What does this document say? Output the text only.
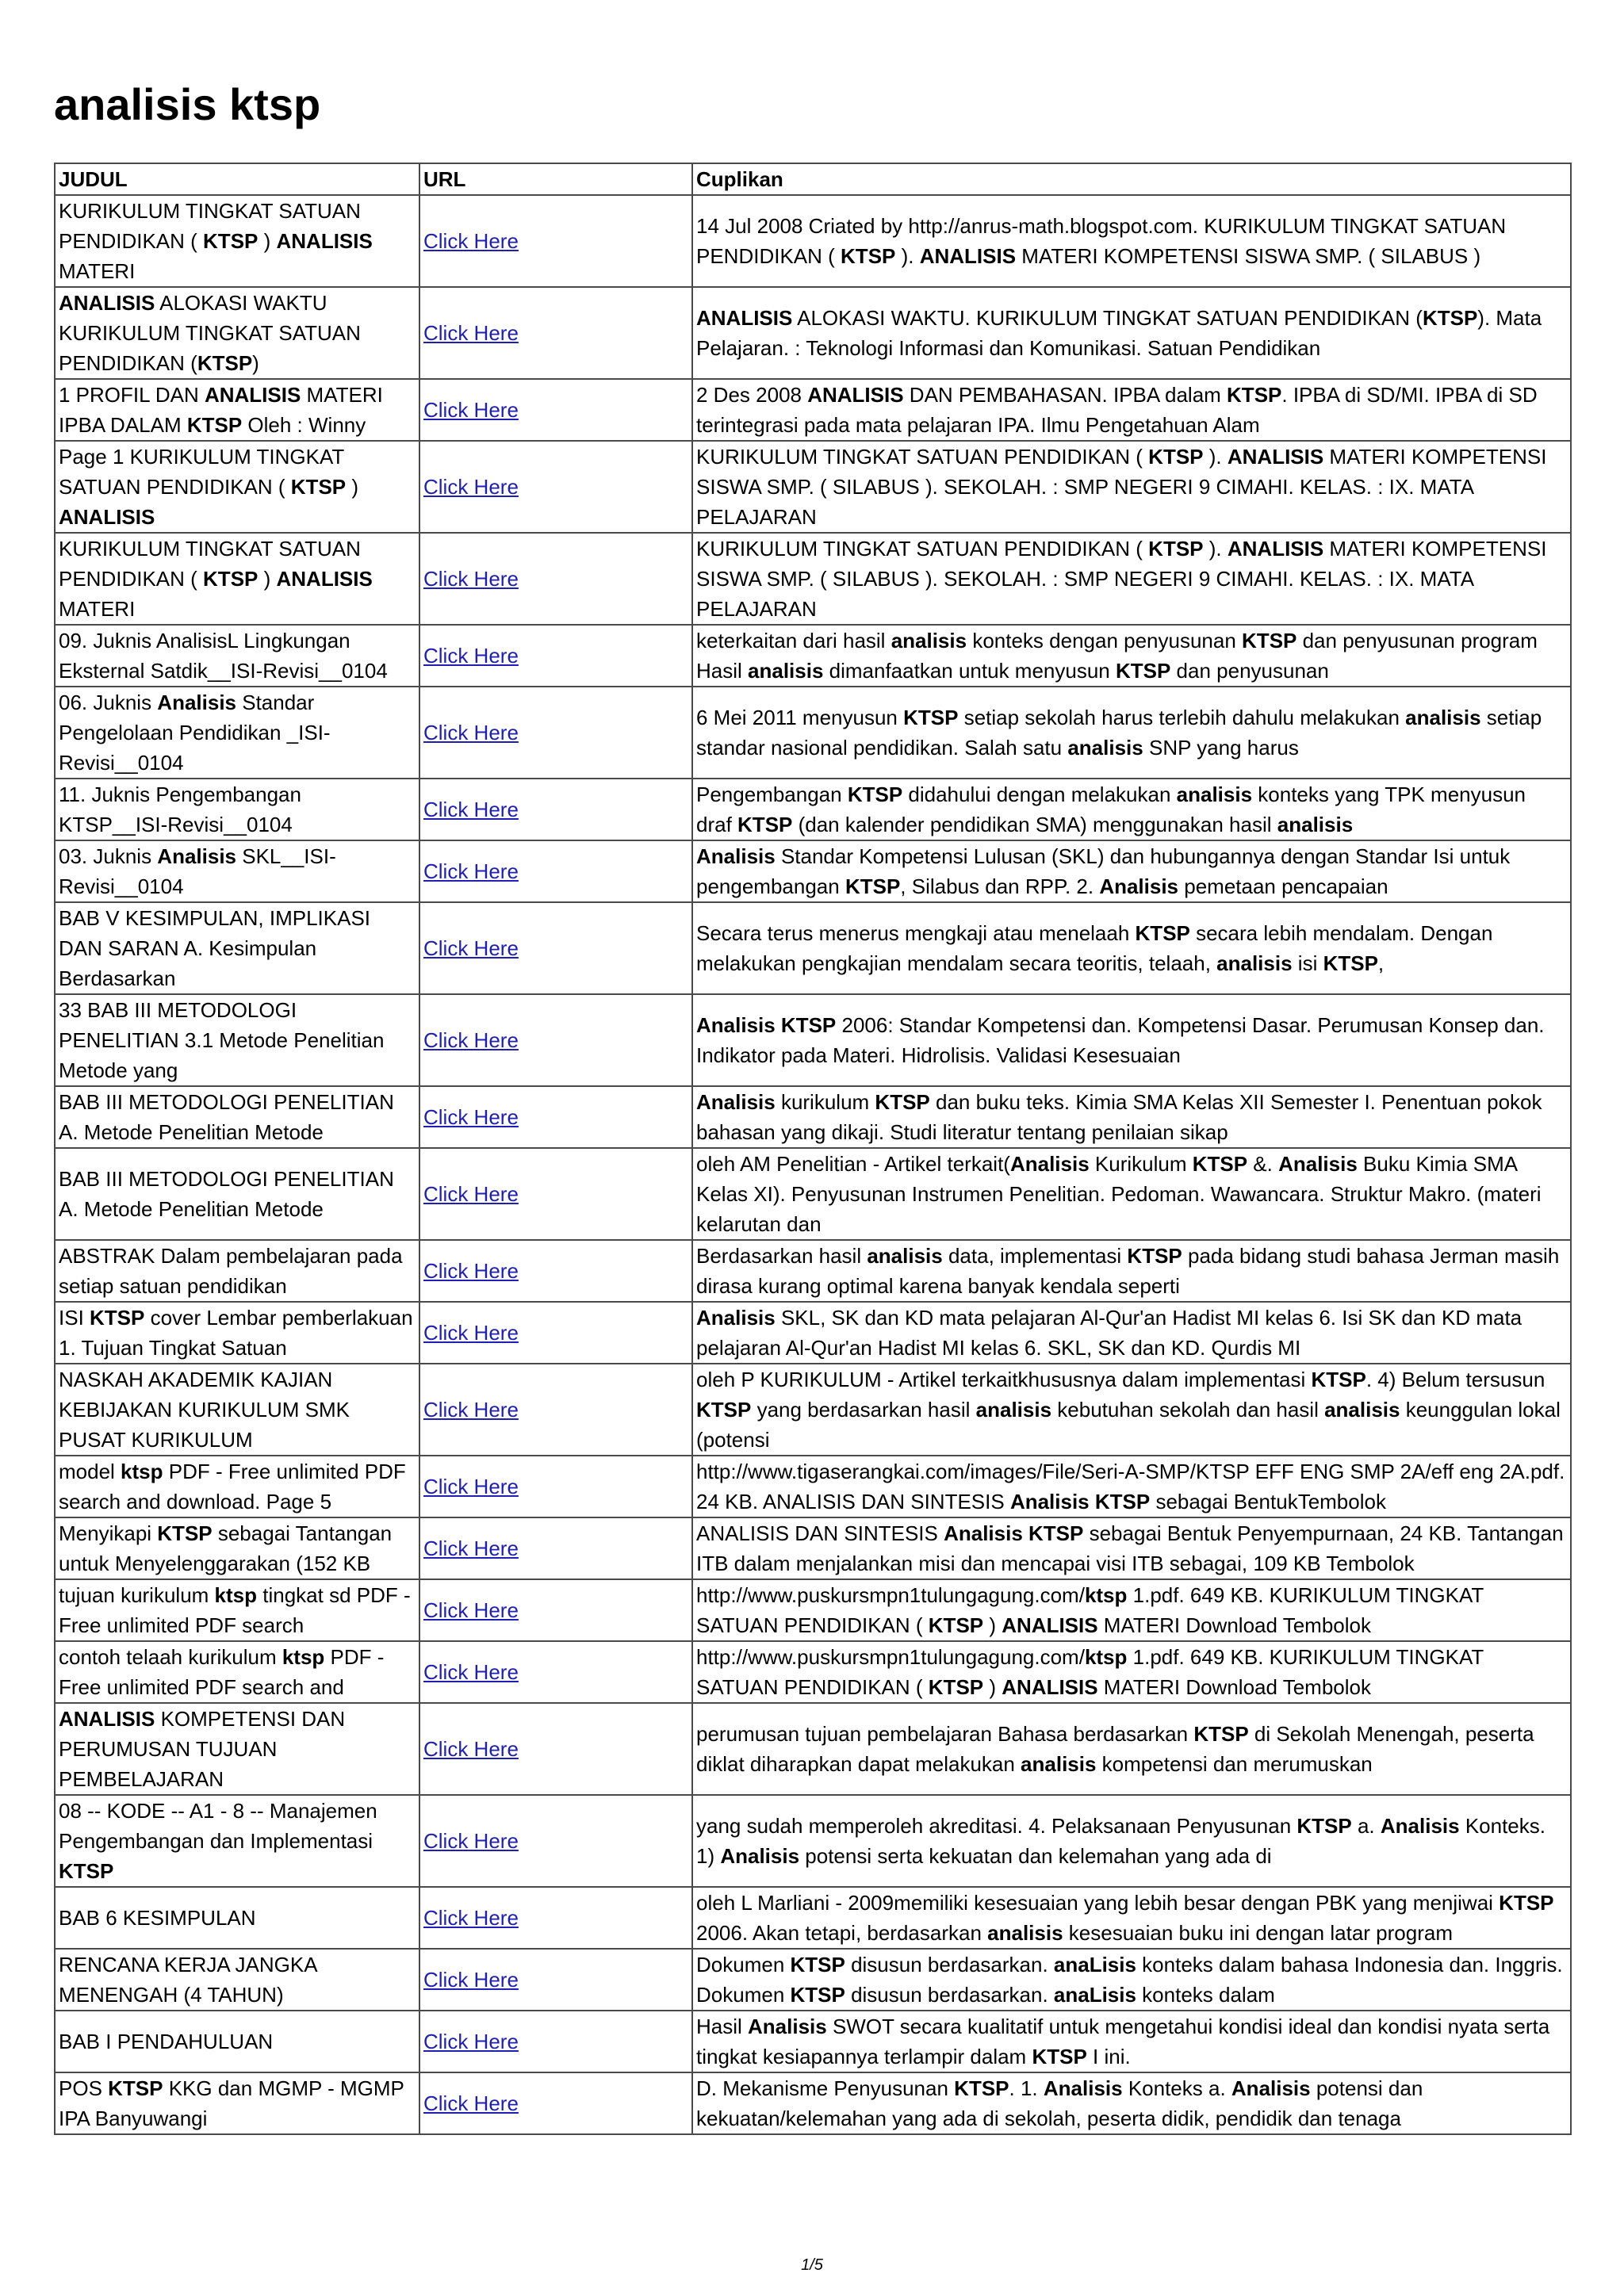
analisis ktsp
JUDUL	URL	Cuplikan
KURIKULUM TINGKAT SATUAN PENDIDIKAN ( KTSP ) ANALISIS MATERI	Click Here	14 Jul 2008 Criated by http://anrus-math.blogspot.com. KURIKULUM TINGKAT SATUAN PENDIDIKAN ( KTSP ). ANALISIS MATERI KOMPETENSI SISWA SMP. ( SILABUS )
ANALISIS ALOKASI WAKTU KURIKULUM TINGKAT SATUAN PENDIDIKAN (KTSP)	Click Here	ANALISIS ALOKASI WAKTU. KURIKULUM TINGKAT SATUAN PENDIDIKAN (KTSP). Mata Pelajaran. : Teknologi Informasi dan Komunikasi. Satuan Pendidikan
1 PROFIL DAN ANALISIS MATERI IPBA DALAM KTSP Oleh : Winny	Click Here	2 Des 2008 ANALISIS DAN PEMBAHASAN. IPBA dalam KTSP. IPBA di SD/MI. IPBA di SD terintegrasi pada mata pelajaran IPA. Ilmu Pengetahuan Alam
Page 1 KURIKULUM TINGKAT SATUAN PENDIDIKAN ( KTSP ) ANALISIS	Click Here	KURIKULUM TINGKAT SATUAN PENDIDIKAN ( KTSP ). ANALISIS MATERI KOMPETENSI SISWA SMP. ( SILABUS ). SEKOLAH. : SMP NEGERI 9 CIMAHI. KELAS. : IX. MATA PELAJARAN
KURIKULUM TINGKAT SATUAN PENDIDIKAN ( KTSP ) ANALISIS MATERI	Click Here	KURIKULUM TINGKAT SATUAN PENDIDIKAN ( KTSP ). ANALISIS MATERI KOMPETENSI SISWA SMP. ( SILABUS ). SEKOLAH. : SMP NEGERI 9 CIMAHI. KELAS. : IX. MATA PELAJARAN
09. Juknis AnalisisL Lingkungan Eksternal Satdik__ISI-Revisi__0104	Click Here	keterkaitan dari hasil analisis konteks dengan penyusunan KTSP dan penyusunan program Hasil analisis dimanfaatkan untuk menyusun KTSP dan penyusunan
06. Juknis Analisis Standar Pengelolaan Pendidikan _ISI-Revisi__0104	Click Here	6 Mei 2011 menyusun KTSP setiap sekolah harus terlebih dahulu melakukan analisis setiap standar nasional pendidikan. Salah satu analisis SNP yang harus
11. Juknis Pengembangan KTSP__ISI-Revisi__0104	Click Here	Pengembangan KTSP didahului dengan melakukan analisis konteks yang TPK menyusun draf KTSP (dan kalender pendidikan SMA) menggunakan hasil analisis
03. Juknis Analisis SKL__ISI-Revisi__0104	Click Here	Analisis Standar Kompetensi Lulusan (SKL) dan hubungannya dengan Standar Isi untuk pengembangan KTSP, Silabus dan RPP. 2. Analisis pemetaan pencapaian
BAB V KESIMPULAN, IMPLIKASI DAN SARAN A. Kesimpulan Berdasarkan	Click Here	Secara terus menerus mengkaji atau menelaah KTSP secara lebih mendalam. Dengan melakukan pengkajian mendalam secara teoritis, telaah, analisis isi KTSP,
33 BAB III METODOLOGI PENELITIAN 3.1 Metode Penelitian Metode yang	Click Here	Analisis KTSP 2006: Standar Kompetensi dan. Kompetensi Dasar. Perumusan Konsep dan. Indikator pada Materi. Hidrolisis. Validasi Kesesuaian
BAB III METODOLOGI PENELITIAN A. Metode Penelitian Metode	Click Here	Analisis kurikulum KTSP dan buku teks. Kimia SMA Kelas XII Semester I. Penentuan pokok bahasan yang dikaji. Studi literatur tentang penilaian sikap
BAB III METODOLOGI PENELITIAN A. Metode Penelitian Metode	Click Here	oleh AM Penelitian - Artikel terkait(Analisis Kurikulum KTSP &. Analisis Buku Kimia SMA Kelas XI). Penyusunan Instrumen Penelitian. Pedoman. Wawancara. Struktur Makro. (materi kelarutan dan
ABSTRAK Dalam pembelajaran pada setiap satuan pendidikan	Click Here	Berdasarkan hasil analisis data, implementasi KTSP pada bidang studi bahasa Jerman masih dirasa kurang optimal karena banyak kendala seperti
ISI KTSP cover Lembar pemberlakuan 1. Tujuan Tingkat Satuan	Click Here	Analisis SKL, SK dan KD mata pelajaran Al-Qur'an Hadist MI kelas 6. Isi SK dan KD mata pelajaran Al-Qur'an Hadist MI kelas 6. SKL, SK dan KD. Qurdis MI
NASKAH AKADEMIK KAJIAN KEBIJAKAN KURIKULUM SMK PUSAT KURIKULUM	Click Here	oleh P KURIKULUM - Artikel terkaitkhususnya dalam implementasi KTSP. 4) Belum tersusun KTSP yang berdasarkan hasil analisis kebutuhan sekolah dan hasil analisis keunggulan lokal (potensi
model ktsp PDF - Free unlimited PDF search and download. Page 5	Click Here	http://www.tigaserangkai.com/images/File/Seri-A-SMP/KTSP EFF ENG SMP 2A/eff eng 2A.pdf. 24 KB. ANALISIS DAN SINTESIS Analisis KTSP sebagai BentukTembolok
Menyikapi KTSP sebagai Tantangan untuk Menyelenggarakan (152 KB	Click Here	ANALISIS DAN SINTESIS Analisis KTSP sebagai Bentuk Penyempurnaan, 24 KB. Tantangan ITB dalam menjalankan misi dan mencapai visi ITB sebagai, 109 KB Tembolok
tujuan kurikulum ktsp tingkat sd PDF - Free unlimited PDF search	Click Here	http://www.puskursmpn1tulungagung.com/ktsp 1.pdf. 649 KB. KURIKULUM TINGKAT SATUAN PENDIDIKAN ( KTSP ) ANALISIS MATERI Download Tembolok
contoh telaah kurikulum ktsp PDF - Free unlimited PDF search and	Click Here	http://www.puskursmpn1tulungagung.com/ktsp 1.pdf. 649 KB. KURIKULUM TINGKAT SATUAN PENDIDIKAN ( KTSP ) ANALISIS MATERI Download Tembolok
ANALISIS KOMPETENSI DAN PERUMUSAN TUJUAN PEMBELAJARAN	Click Here	perumusan tujuan pembelajaran Bahasa berdasarkan KTSP di Sekolah Menengah, peserta diklat diharapkan dapat melakukan analisis kompetensi dan merumuskan
08 -- KODE -- A1 - 8 -- Manajemen Pengembangan dan Implementasi KTSP	Click Here	yang sudah memperoleh akreditasi. 4. Pelaksanaan Penyusunan KTSP a. Analisis Konteks. 1) Analisis potensi serta kekuatan dan kelemahan yang ada di
BAB 6 KESIMPULAN	Click Here	oleh L Marliani - 2009memiliki kesesuaian yang lebih besar dengan PBK yang menjiwai KTSP 2006. Akan tetapi, berdasarkan analisis kesesuaian buku ini dengan latar program
RENCANA KERJA JANGKA MENENGAH (4 TAHUN)	Click Here	Dokumen KTSP disusun berdasarkan. anaLisis konteks dalam bahasa Indonesia dan. Inggris. Dokumen KTSP disusun berdasarkan. anaLisis konteks dalam
BAB I PENDAHULUAN	Click Here	Hasil Analisis SWOT secara kualitatif untuk mengetahui kondisi ideal dan kondisi nyata serta tingkat kesiapannya terlampir dalam KTSP I ini.
POS KTSP KKG dan MGMP - MGMP IPA Banyuwangi	Click Here	D. Mekanisme Penyusunan KTSP. 1. Analisis Konteks a. Analisis potensi dan kekuatan/kelemahan yang ada di sekolah, peserta didik, pendidik dan tenaga
1/5
